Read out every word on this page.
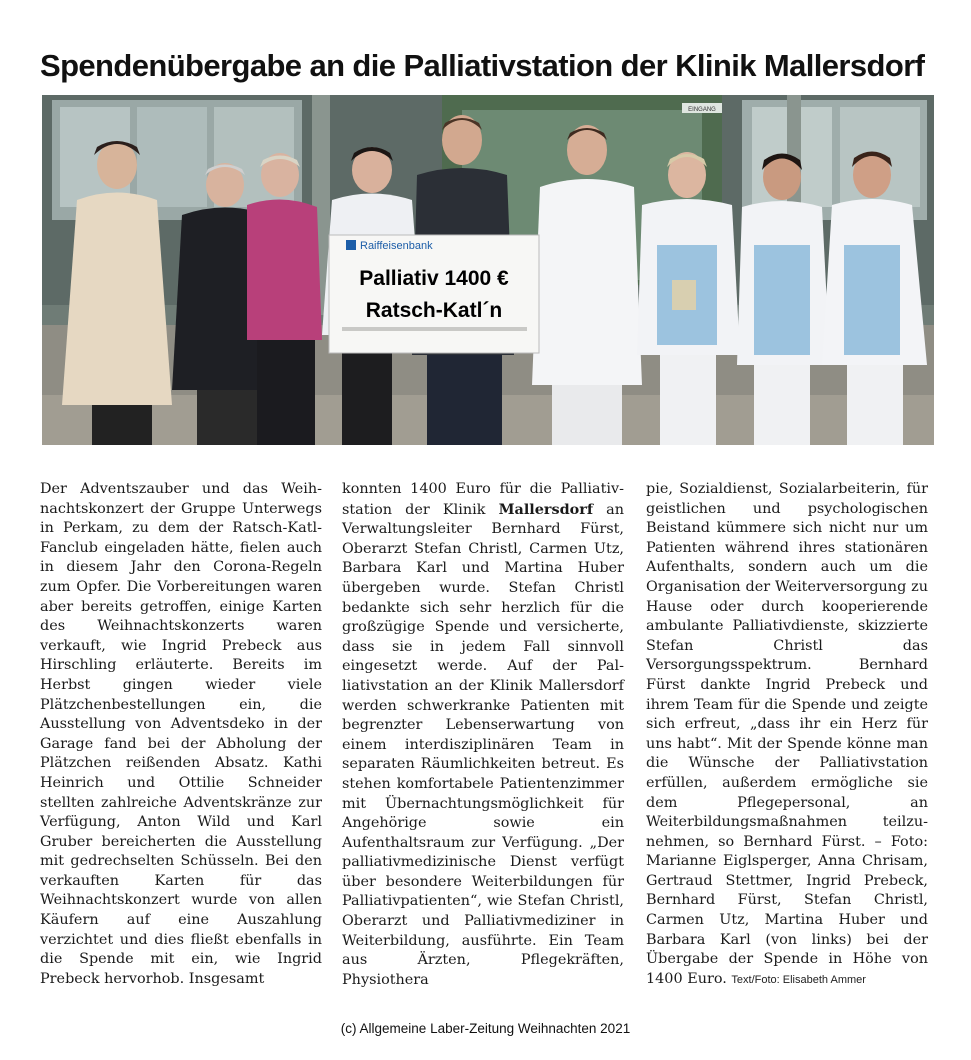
Spendenübergabe an die Palliativstation der Klinik Mallersdorf
EINGANG
Raiffeisenbank
Palliativ 1400 €
Ratsch-Katl´n

Der Adventszauber und das Weihnachtskonzert der Gruppe Unterwegs in Perkam, zu dem der Ratsch-Katl-Fanclub eingeladen hätte, fielen auch in diesem Jahr den Corona-Regeln zum Opfer. Die Vorbereitungen waren aber bereits getroffen, einige Karten des Weihnachtskonzerts waren verkauft, wie Ingrid Prebeck aus Hirschling erläuterte. Bereits im Herbst gingen wieder viele Plätzchenbestellungen ein, die Ausstellung von Adventsdeko in der Garage fand bei der Abholung der Plätzchen reißenden Absatz. Kathi Heinrich und Ottilie Schneider stellten zahlreiche Adventskränze zur Verfügung, Anton Wild und Karl Gruber bereicherten die Ausstellung mit gedrechselten Schüsseln. Bei den verkauften Karten für das Weihnachtskonzert wurde von allen Käufern auf eine Auszahlung verzichtet und dies fließt ebenfalls in die Spende mit ein, wie Ingrid Prebeck hervorhob. Insgesamt

konnten 1400 Euro für die Palliativstation der Klinik Mallersdorf an Verwaltungsleiter Bernhard Fürst, Oberarzt Stefan Christl, Carmen Utz, Barbara Karl und Martina Huber übergeben wurde. Stefan Christl bedankte sich sehr herzlich für die großzügige Spende und versicherte, dass sie in jedem Fall sinnvoll eingesetzt werde. Auf der Palliativstation an der Klinik Mallersdorf werden schwerkranke Patienten mit begrenzter Lebenserwartung von einem interdisziplinären Team in separaten Räumlichkeiten betreut. Es stehen komfortabele Patientenzimmer mit Übernachtungsmöglichkeit für Angehörige sowie ein Aufenthaltsraum zur Verfügung. „Der palliativmedizinische Dienst verfügt über besondere Weiterbildungen für Palliativpatienten“, wie Stefan Christl, Oberarzt und Palliativmediziner in Weiterbildung, ausführte. Ein Team aus Ärzten, Pflegekräften, Physiothera

pie, Sozialdienst, Sozialarbeiterin, für geistlichen und psychologischen Beistand kümmere sich nicht nur um Patienten während ihres stationären Aufenthalts, sondern auch um die Organisation der Weiterversorgung zu Hause oder durch kooperierende ambulante Palliativdienste, skizzierte Stefan Christl das Versorgungsspektrum. Bernhard Fürst dankte Ingrid Prebeck und ihrem Team für die Spende und zeigte sich erfreut, „dass ihr ein Herz für uns habt“. Mit der Spende könne man die Wünsche der Palliativstation erfüllen, außerdem ermögliche sie dem Pflegepersonal, an Weiterbildungsmaßnahmen teilzunehmen, so Bernhard Fürst. – Foto: Marianne Eiglsperger, Anna Chrisam, Gertraud Stettmer, Ingrid Prebeck, Bernhard Fürst, Stefan Christl, Carmen Utz, Martina Huber und Barbara Karl (von links) bei der Übergabe der Spende in Höhe von 1400 Euro. Text/Foto: Elisabeth Ammer

(c) Allgemeine Laber-Zeitung Weihnachten 2021
